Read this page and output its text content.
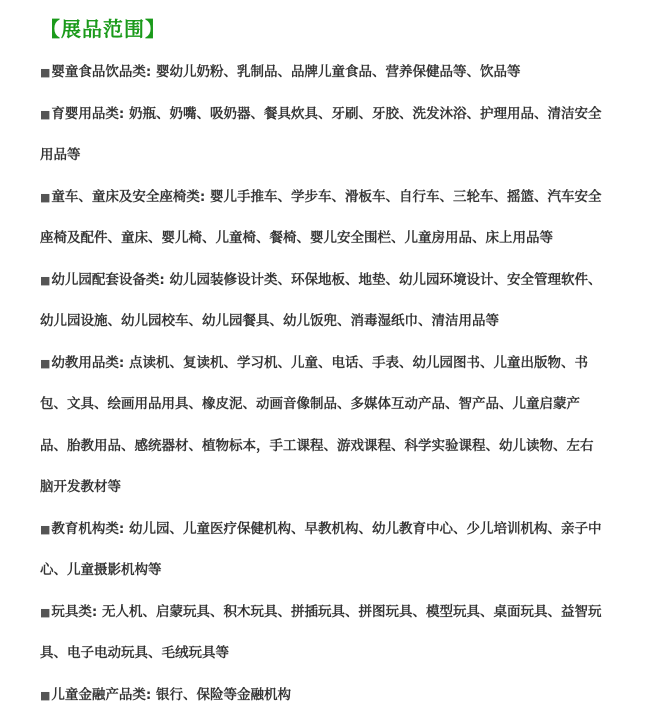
【展品范围】

■婴童食品饮品类: 婴幼儿奶粉、乳制品、品牌儿童食品、营养保健品等、饮品等

■育婴用品类: 奶瓶、奶嘴、吸奶器、餐具炊具、牙刷、牙胶、洗发沐浴、护理用品、清洁安全用品等

■童车、童床及安全座椅类: 婴儿手推车、学步车、滑板车、自行车、三轮车、摇篮、汽车安全座椅及配件、童床、婴儿椅、儿童椅、餐椅、婴儿安全围栏、儿童房用品、床上用品等

■幼儿园配套设备类: 幼儿园装修设计类、环保地板、地垫、幼儿园环境设计、安全管理软件、幼儿园设施、幼儿园校车、幼儿园餐具、幼儿饭兜、消毒湿纸巾、清洁用品等

■幼教用品类: 点读机、复读机、学习机、儿童、电话、手表、幼儿园图书、儿童出版物、书包、文具、绘画用品用具、橡皮泥、动画音像制品、多媒体互动产品、智产品、儿童启蒙产品、胎教用品、感统器材、植物标本，手工课程、游戏课程、科学实验课程、幼儿读物、左右脑开发教材等

■教育机构类: 幼儿园、儿童医疗保健机构、早教机构、幼儿教育中心、少儿培训机构、亲子中心、儿童摄影机构等

■玩具类: 无人机、启蒙玩具、积木玩具、拼插玩具、拼图玩具、模型玩具、桌面玩具、益智玩具、电子电动玩具、毛绒玩具等

■儿童金融产品类: 银行、保险等金融机构
